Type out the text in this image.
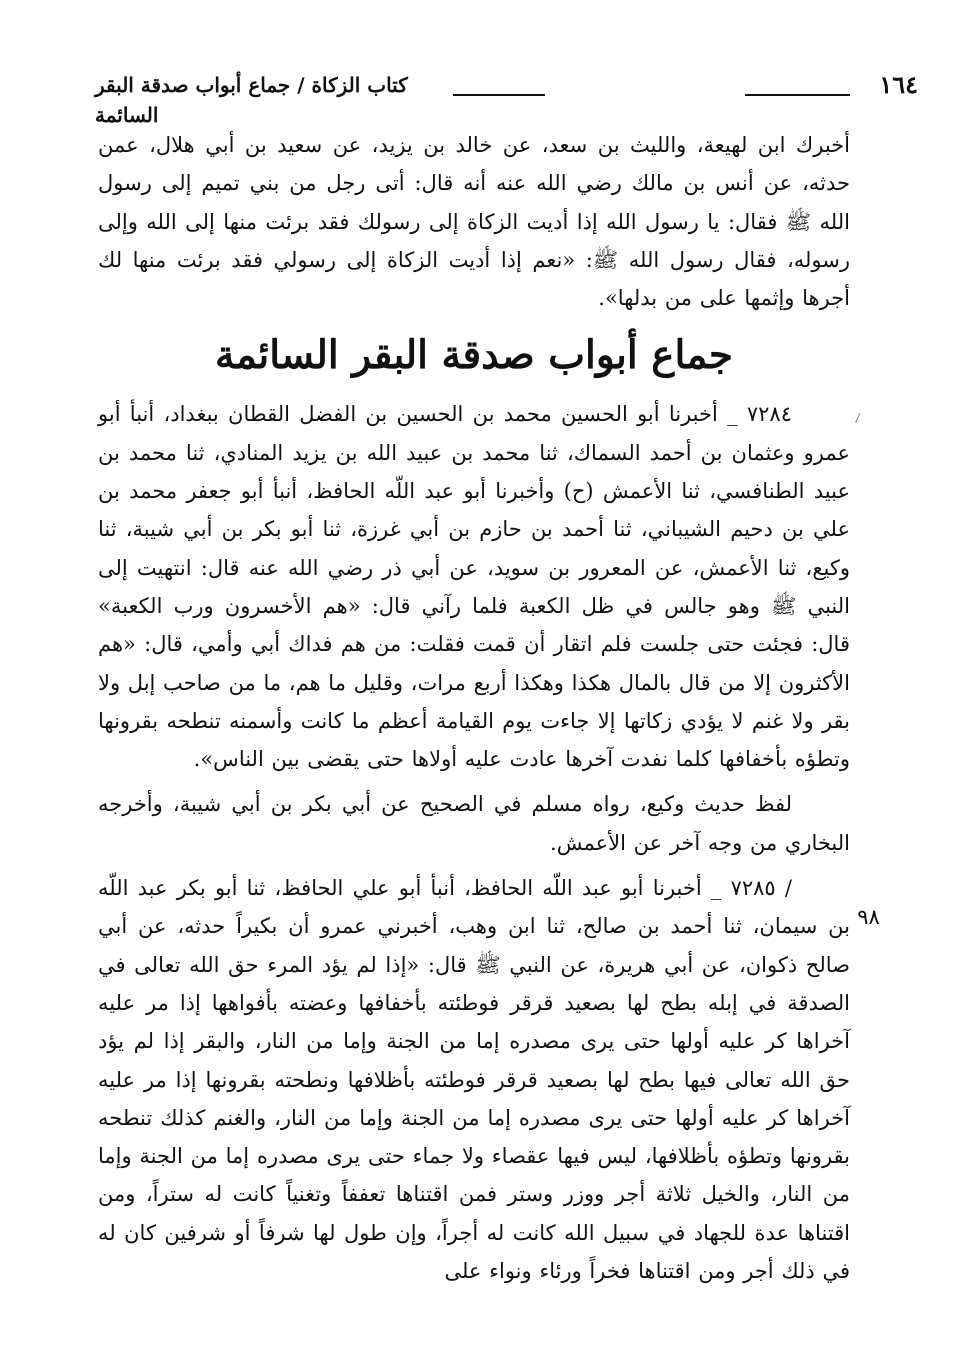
١٦٤
كتاب الزكاة / جماع أبواب صدقة البقر السائمة
٩٨

أخبرك ابن لهيعة، والليث بن سعد، عن خالد بن يزيد، عن سعيد بن أبي هلال، عمن حدثه، عن أنس بن مالك رضي الله عنه أنه قال: أتى رجل من بني تميم إلى رسول الله ﷺ فقال: يا رسول الله إذا أديت الزكاة إلى رسولك فقد برئت منها إلى الله وإلى رسوله، فقال رسول الله ﷺ: «نعم إذا أديت الزكاة إلى رسولي فقد برئت منها لك أجرها وإثمها على من بدلها».

جماع أبواب صدقة البقر السائمة

٧٢٨٤ _ أخبرنا أبو الحسين محمد بن الحسين بن الفضل القطان ببغداد، أنبأ أبو عمرو وعثمان بن أحمد السماك، ثنا محمد بن عبيد الله بن يزيد المنادي، ثنا محمد بن عبيد الطنافسي، ثنا الأعمش (ح) وأخبرنا أبو عبد اللّه الحافظ، أنبأ أبو جعفر محمد بن علي بن دحيم الشيباني، ثنا أحمد بن حازم بن أبي غرزة، ثنا أبو بكر بن أبي شيبة، ثنا وكيع، ثنا الأعمش، عن المعرور بن سويد، عن أبي ذر رضي الله عنه قال: انتهيت إلى النبي ﷺ وهو جالس في ظل الكعبة فلما رآني قال: «هم الأخسرون ورب الكعبة» قال: فجئت حتى جلست فلم اتقار أن قمت فقلت: من هم فداك أبي وأمي، قال: «هم الأكثرون إلا من قال بالمال هكذا وهكذا أربع مرات، وقليل ما هم، ما من صاحب إبل ولا بقر ولا غنم لا يؤدي زكاتها إلا جاءت يوم القيامة أعظم ما كانت وأسمنه تنطحه بقرونها وتطؤه بأخفافها كلما نفدت آخرها عادت عليه أولاها حتى يقضى بين الناس».

لفظ حديث وكيع، رواه مسلم في الصحيح عن أبي بكر بن أبي شيبة، وأخرجه البخاري من وجه آخر عن الأعمش.

/ ٧٢٨٥ _ أخبرنا أبو عبد اللّه الحافظ، أنبأ أبو علي الحافظ، ثنا أبو بكر عبد اللّه بن سيمان، ثنا أحمد بن صالح، ثنا ابن وهب، أخبرني عمرو أن بكيراً حدثه، عن أبي صالح ذكوان، عن أبي هريرة، عن النبي ﷺ قال: «إذا لم يؤد المرء حق الله تعالى في الصدقة في إبله بطح لها بصعيد قرقر فوطئته بأخفافها وعضته بأفواهها إذا مر عليه آخراها كر عليه أولها حتى يرى مصدره إما من الجنة وإما من النار، والبقر إذا لم يؤد حق الله تعالى فيها بطح لها بصعيد قرقر فوطئته بأظلافها ونطحته بقرونها إذا مر عليه آخراها كر عليه أولها حتى يرى مصدره إما من الجنة وإما من النار، والغنم كذلك تنطحه بقرونها وتطؤه بأظلافها، ليس فيها عقصاء ولا جماء حتى يرى مصدره إما من الجنة وإما من النار، والخيل ثلاثة أجر ووزر وستر فمن اقتناها تعففاً وتغنياً كانت له ستراً، ومن اقتناها عدة للجهاد في سبيل الله كانت له أجراً، وإن طول لها شرفاً أو شرفين كان له في ذلك أجر ومن اقتناها فخراً ورئاء ونواء على
